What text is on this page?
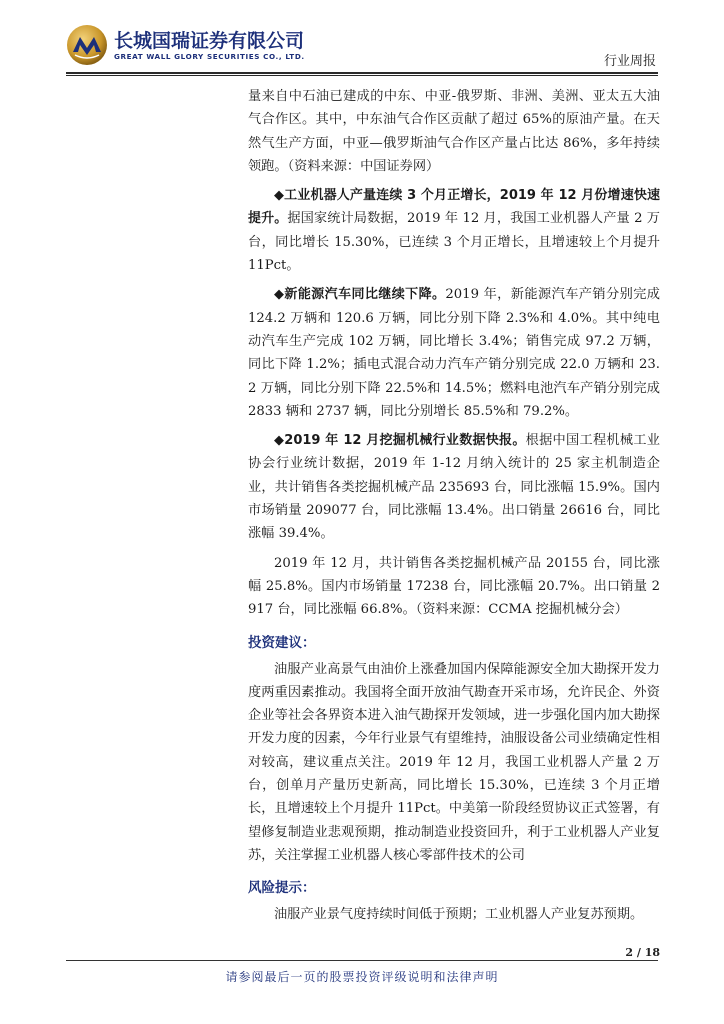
长城国瑞证券有限公司
GREAT WALL GLORY SECURITIES CO., LTD.	行业周报

量来自中石油已建成的中东、中亚-俄罗斯、非洲、美洲、亚太五大油气合作区。其中，中东油气合作区贡献了超过 65%的原油产量。在天然气生产方面，中亚—俄罗斯油气合作区产量占比达 86%，多年持续领跑。（资料来源：中国证券网）

◆工业机器人产量连续 3 个月正增长，2019 年 12 月份增速快速提升。据国家统计局数据，2019 年 12 月，我国工业机器人产量 2 万台，同比增长 15.30%，已连续 3 个月正增长，且增速较上个月提升 11Pct。

◆新能源汽车同比继续下降。2019 年，新能源汽车产销分别完成 124.2 万辆和 120.6 万辆，同比分别下降 2.3%和 4.0%。其中纯电动汽车生产完成 102 万辆，同比增长 3.4%；销售完成 97.2 万辆，同比下降 1.2%；插电式混合动力汽车产销分别完成 22.0 万辆和 23.2 万辆，同比分别下降 22.5%和 14.5%；燃料电池汽车产销分别完成 2833 辆和 2737 辆，同比分别增长 85.5%和 79.2%。

◆2019 年 12 月挖掘机械行业数据快报。根据中国工程机械工业协会行业统计数据，2019 年 1-12 月纳入统计的 25 家主机制造企业，共计销售各类挖掘机械产品 235693 台，同比涨幅 15.9%。国内市场销量 209077 台，同比涨幅 13.4%。出口销量 26616 台，同比涨幅 39.4%。

2019 年 12 月，共计销售各类挖掘机械产品 20155 台，同比涨幅 25.8%。国内市场销量 17238 台，同比涨幅 20.7%。出口销量 2917 台，同比涨幅 66.8%。（资料来源：CCMA 挖掘机械分会）

投资建议：

油服产业高景气由油价上涨叠加国内保障能源安全加大勘探开发力度两重因素推动。我国将全面开放油气勘查开采市场，允许民企、外资企业等社会各界资本进入油气勘探开发领域，进一步强化国内加大勘探开发力度的因素，今年行业景气有望维持，油服设备公司业绩确定性相对较高，建议重点关注。2019 年 12 月，我国工业机器人产量 2 万台，创单月产量历史新高，同比增长 15.30%，已连续 3 个月正增长，且增速较上个月提升 11Pct。中美第一阶段经贸协议正式签署，有望修复制造业悲观预期，推动制造业投资回升，利于工业机器人产业复苏，关注掌握工业机器人核心零部件技术的公司

风险提示：

油服产业景气度持续时间低于预期；工业机器人产业复苏预期。

2 / 18
请参阅最后一页的股票投资评级说明和法律声明
